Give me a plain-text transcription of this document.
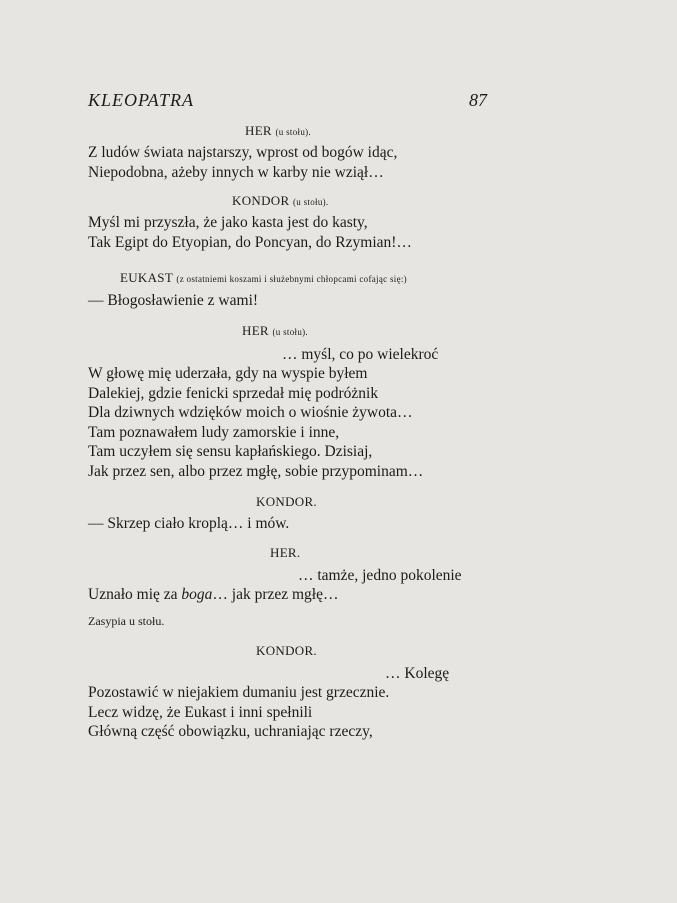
KLEOPATRA	87
HER (u stołu).
Z ludów świata najstarszy, wprost od bogów idąc,
Niepodobna, ażeby innych w karby nie wziął…
KONDOR (u stołu).
Myśl mi przyszła, że jako kasta jest do kasty,
Tak Egipt do Etyopian, do Poncyan, do Rzymian!…
EUKAST (z ostatniemi koszami i służebnymi chłopcami cofając się:)
— Błogosławienie z wami!
HER (u stołu).
… myśl, co po wielekroć
W głowę mię uderzała, gdy na wyspie byłem
Dalekiej, gdzie fenicki sprzedał mię podróżnik
Dla dziwnych wdzięków moich o wiośnie żywota…
Tam poznawałem ludy zamorskie i inne,
Tam uczyłem się sensu kapłańskiego. Dzisiaj,
Jak przez sen, albo przez mgłę, sobie przypominam…
KONDOR.
— Skrzep ciało kroplą… i mów.
HER.
… tamże, jedno pokolenie
Uznało mię za boga… jak przez mgłę…
Zasypia u stołu.
KONDOR.
… Kolegę
Pozostawić w niejakiem dumaniu jest grzecznie.
Lecz widzę, że Eukast i inni spełnili
Główną część obowiązku, uchraniając rzeczy,
